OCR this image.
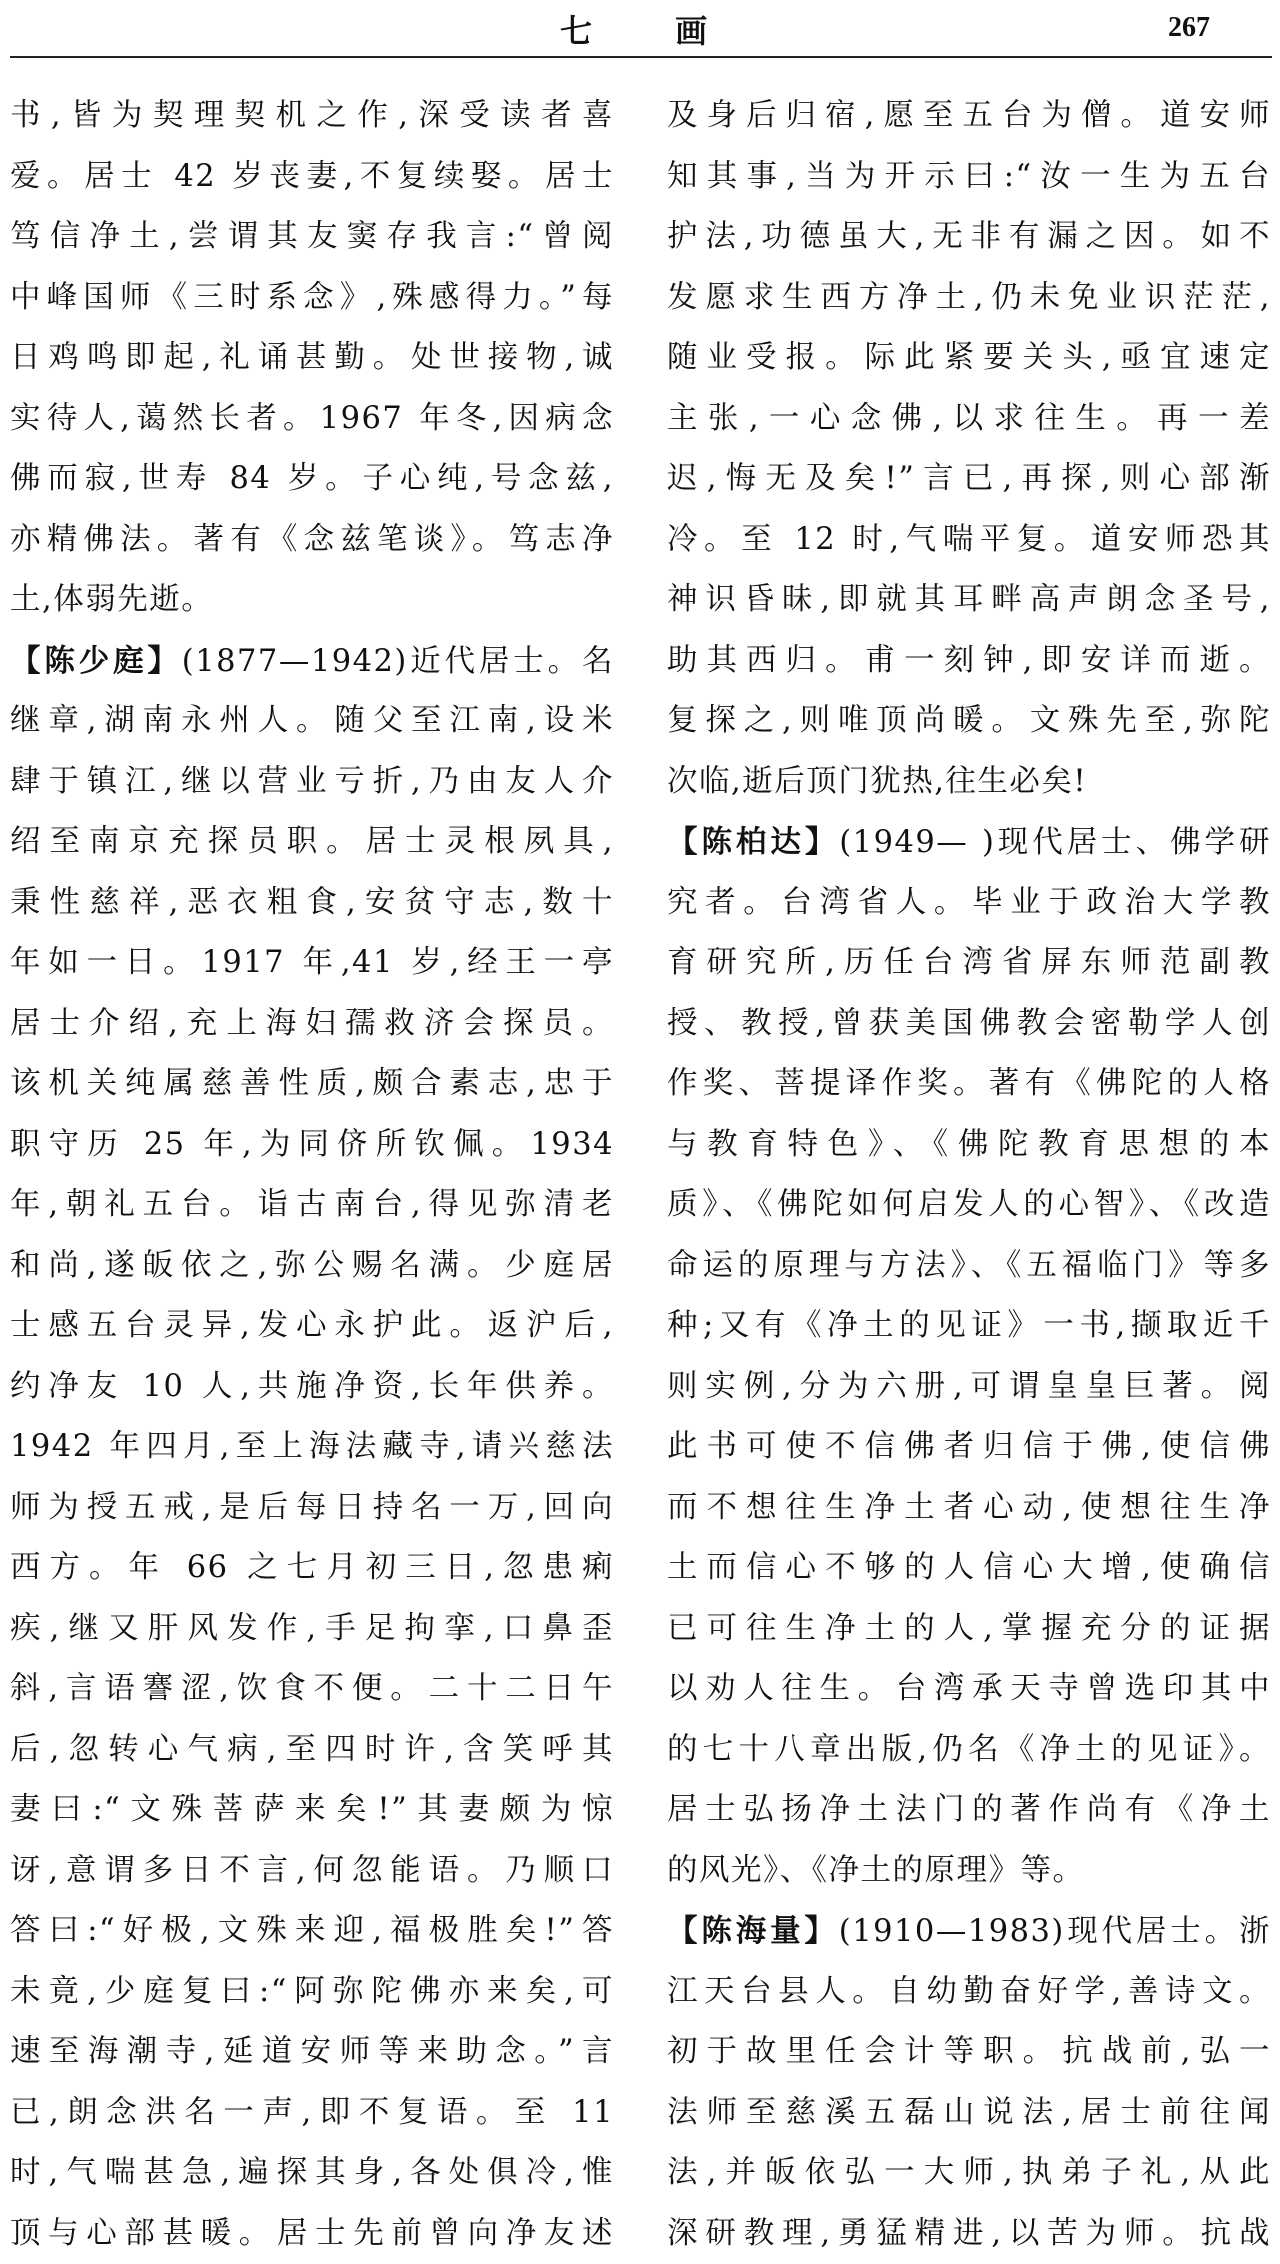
七 画	267
书,皆为契理契机之作,深受读者喜
爱。居士 42 岁丧妻,不复续娶。居士
笃信净土,尝谓其友窦存我言:“曾阅
中峰国师《三时系念》,殊感得力。”每
日鸡鸣即起,礼诵甚勤。处世接物,诚
实待人,蔼然长者。1967 年冬,因病念
佛而寂,世寿 84 岁。子心纯,号念兹,
亦精佛法。著有《念兹笔谈》。笃志净
土,体弱先逝。
【陈少庭】(1877—1942)近代居士。名
继章,湖南永州人。随父至江南,设米
肆于镇江,继以营业亏折,乃由友人介
绍至南京充探员职。居士灵根夙具,
秉性慈祥,恶衣粗食,安贫守志,数十
年如一日。1917 年,41 岁,经王一亭
居士介绍,充上海妇孺救济会探员。
该机关纯属慈善性质,颇合素志,忠于
职守历 25 年,为同侪所钦佩。1934
年,朝礼五台。诣古南台,得见弥清老
和尚,遂皈依之,弥公赐名满。少庭居
士感五台灵异,发心永护此。返沪后,
约净友 10 人,共施净资,长年供养。
1942 年四月,至上海法藏寺,请兴慈法
师为授五戒,是后每日持名一万,回向
西方。年 66 之七月初三日,忽患痢
疾,继又肝风发作,手足拘挛,口鼻歪
斜,言语謇涩,饮食不便。二十二日午
后,忽转心气病,至四时许,含笑呼其
妻曰:“文殊菩萨来矣!”其妻颇为惊
讶,意谓多日不言,何忽能语。乃顺口
答曰:“好极,文殊来迎,福极胜矣!”答
未竟,少庭复曰:“阿弥陀佛亦来矣,可
速至海潮寺,延道安师等来助念。”言
已,朗念洪名一声,即不复语。至 11
时,气喘甚急,遍探其身,各处俱冷,惟
顶与心部甚暖。居士先前曾向净友述
及身后归宿,愿至五台为僧。道安师
知其事,当为开示曰:“汝一生为五台
护法,功德虽大,无非有漏之因。如不
发愿求生西方净土,仍未免业识茫茫,
随业受报。际此紧要关头,亟宜速定
主张,一心念佛,以求往生。再一差
迟,悔无及矣!”言已,再探,则心部渐
冷。至 12 时,气喘平复。道安师恐其
神识昏昧,即就其耳畔高声朗念圣号,
助其西归。甫一刻钟,即安详而逝。
复探之,则唯顶尚暖。文殊先至,弥陀
次临,逝后顶门犹热,往生必矣!
【陈柏达】(1949— )现代居士、佛学研
究者。台湾省人。毕业于政治大学教
育研究所,历任台湾省屏东师范副教
授、教授,曾获美国佛教会密勒学人创
作奖、菩提译作奖。著有《佛陀的人格
与教育特色》、《佛陀教育思想的本
质》、《佛陀如何启发人的心智》、《改造
命运的原理与方法》、《五福临门》等多
种;又有《净土的见证》一书,撷取近千
则实例,分为六册,可谓皇皇巨著。阅
此书可使不信佛者归信于佛,使信佛
而不想往生净土者心动,使想往生净
土而信心不够的人信心大增,使确信
已可往生净土的人,掌握充分的证据
以劝人往生。台湾承天寺曾选印其中
的七十八章出版,仍名《净土的见证》。
居士弘扬净土法门的著作尚有《净土
的风光》、《净土的原理》等。
【陈海量】(1910—1983)现代居士。浙
江天台县人。自幼勤奋好学,善诗文。
初于故里任会计等职。抗战前,弘一
法师至慈溪五磊山说法,居士前往闻
法,并皈依弘一大师,执弟子礼,从此
深研教理,勇猛精进,以苦为师。抗战
